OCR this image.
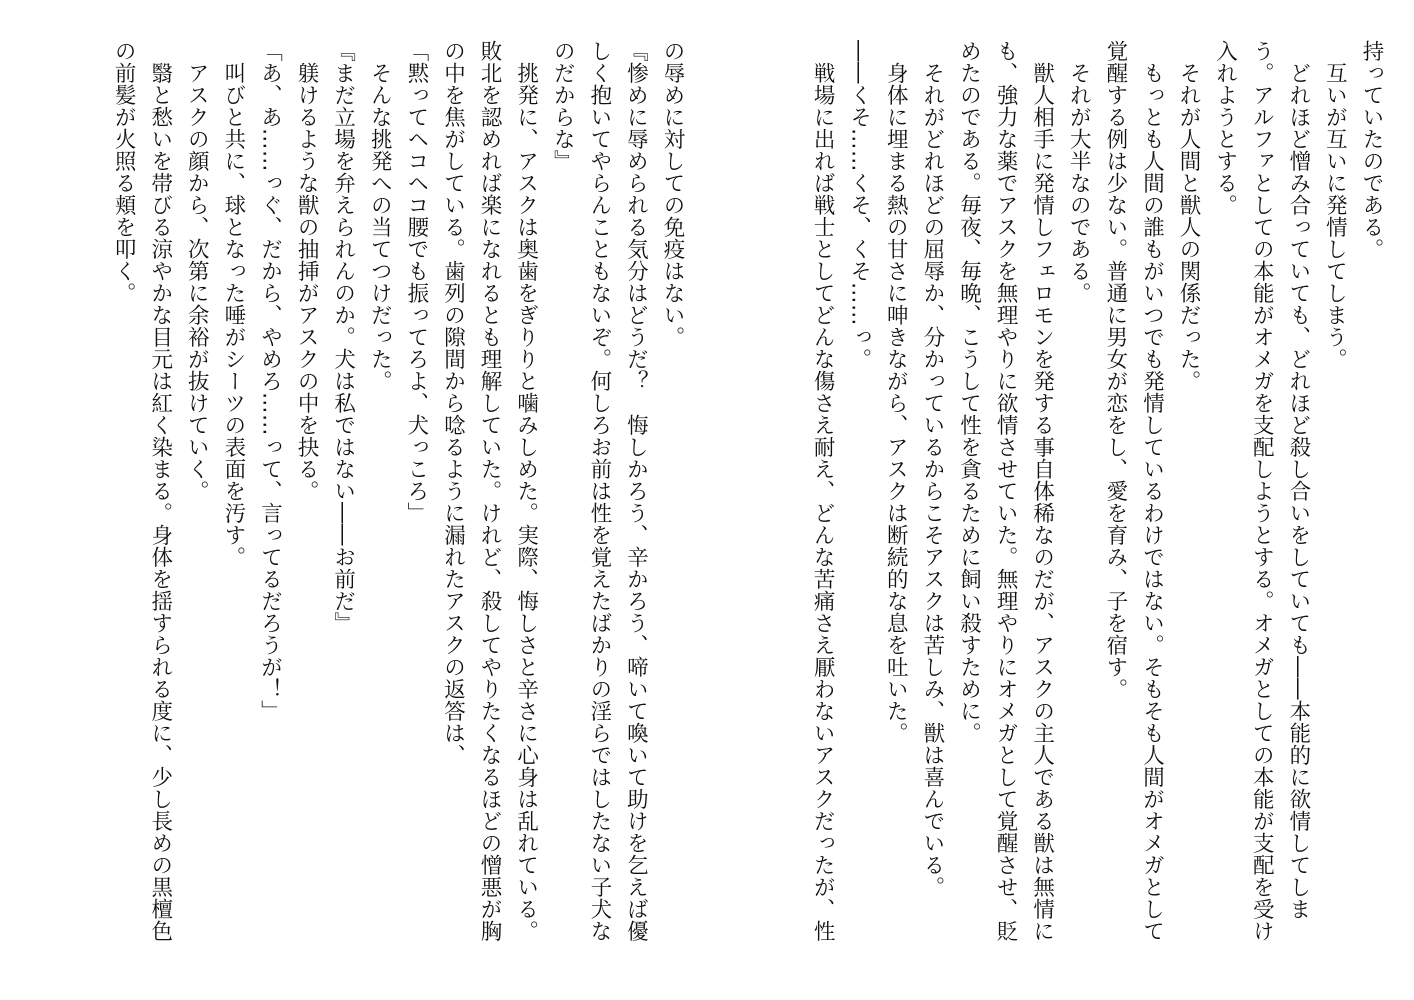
持っていたのである。
　互いが互いに発情してしまう。
　どれほど憎み合っていても、どれほど殺し合いをしていても――本能的に欲情してしま
う。アルファとしての本能がオメガを支配しようとする。オメガとしての本能が支配を受け
入れようとする。
　それが人間と獣人の関係だった。
　もっとも人間の誰もがいつでも発情しているわけではない。そもそも人間がオメガとして
覚醒する例は少ない。普通に男女が恋をし、愛を育み、子を宿す。
　それが大半なのである。
　獣人相手に発情しフェロモンを発する事自体稀なのだが、アスクの主人である獣は無情に
も、強力な薬でアスクを無理やりに欲情させていた。無理やりにオメガとして覚醒させ、貶
めたのである。毎夜、毎晩、こうして性を貪るために飼い殺すために。
　それがどれほどの屈辱か、分かっているからこそアスクは苦しみ、獣は喜んでいる。
　身体に埋まる熱の甘さに呻きながら、アスクは断続的な息を吐いた。
――くそ……くそ、くそ……っ。
　戦場に出れば戦士としてどんな傷さえ耐え、どんな苦痛さえ厭わないアスクだったが、性
の辱めに対しての免疫はない。
『惨めに辱められる気分はどうだ？　悔しかろう、辛かろう、啼いて喚いて助けを乞えば優
しく抱いてやらんこともないぞ。何しろお前は性を覚えたばかりの淫らではしたない子犬な
のだからな』
　挑発に、アスクは奥歯をぎりりと噛みしめた。実際、悔しさと辛さに心身は乱れている。
敗北を認めれば楽になれるとも理解していた。けれど、殺してやりたくなるほどの憎悪が胸
の中を焦がしている。歯列の隙間から唸るように漏れたアスクの返答は、
「黙ってヘコヘコ腰でも振ってろよ、犬っころ」
　そんな挑発への当てつけだった。
『まだ立場を弁えられんのか。犬は私ではない――お前だ』
　躾けるような獣の抽挿がアスクの中を抉る。
「あ、あ……っぐ、だから、やめろ……って、言ってるだろうが！」
　叫びと共に、球となった唾がシーツの表面を汚す。
　アスクの顔から、次第に余裕が抜けていく。
　翳と愁いを帯びる涼やかな目元は紅く染まる。身体を揺すられる度に、少し長めの黒檀色
の前髪が火照る頬を叩く。
